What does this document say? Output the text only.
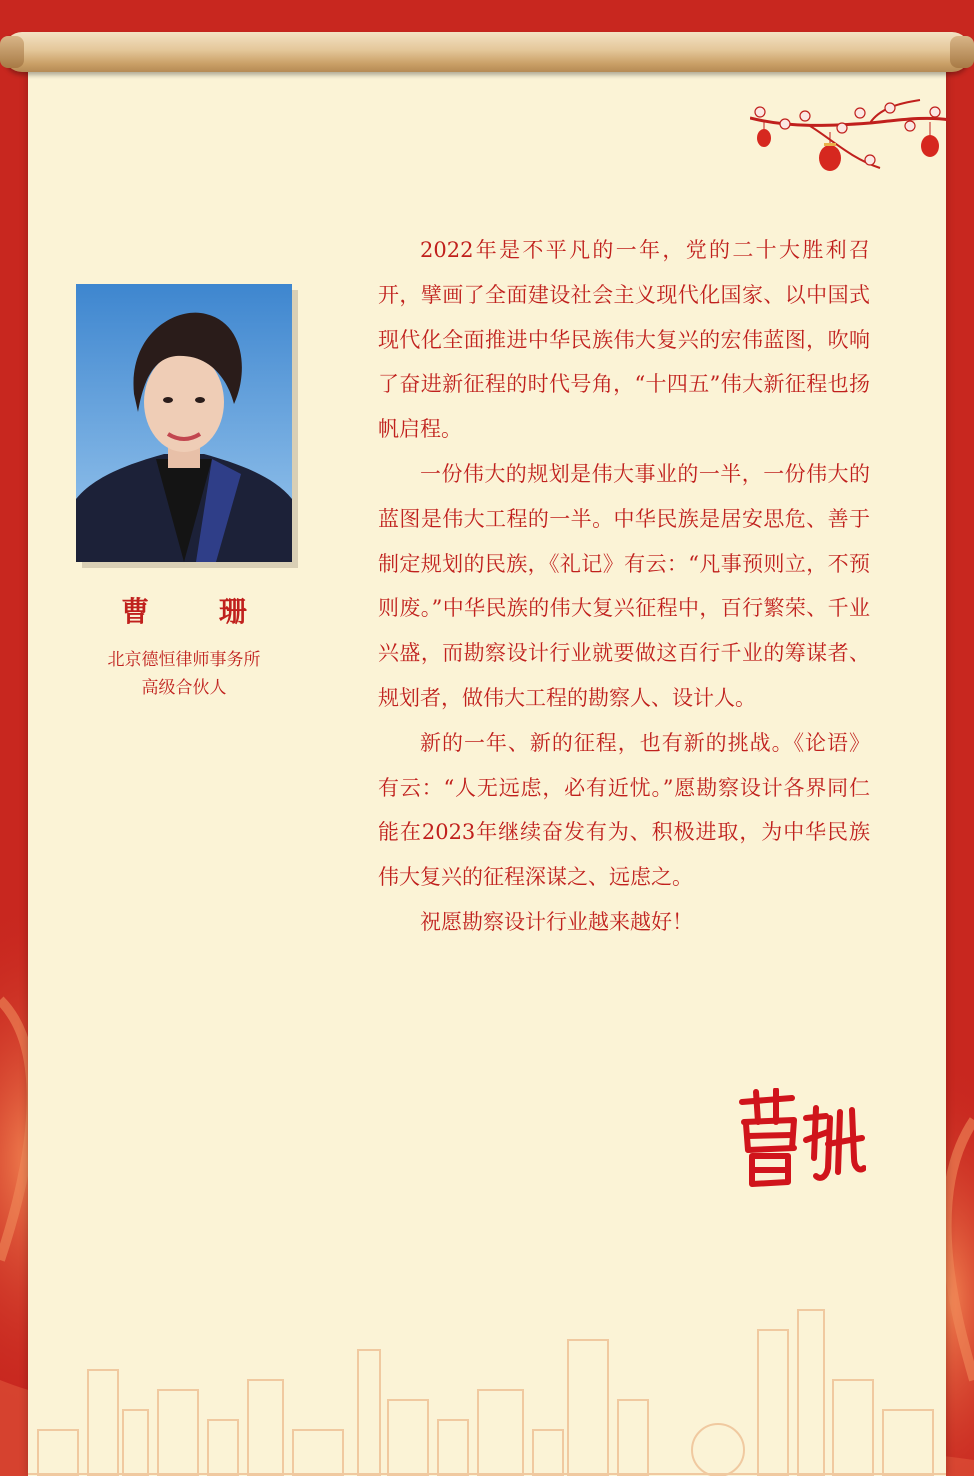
曹 珊

北京德恒律师事务所
高级合伙人

2022年是不平凡的一年，党的二十大胜利召开，擘画了全面建设社会主义现代化国家、以中国式现代化全面推进中华民族伟大复兴的宏伟蓝图，吹响了奋进新征程的时代号角，“十四五”伟大新征程也扬帆启程。

一份伟大的规划是伟大事业的一半，一份伟大的蓝图是伟大工程的一半。中华民族是居安思危、善于制定规划的民族，《礼记》有云：“凡事预则立，不预则废。”中华民族的伟大复兴征程中，百行繁荣、千业兴盛，而勘察设计行业就要做这百行千业的筹谋者、规划者，做伟大工程的勘察人、设计人。

新的一年、新的征程，也有新的挑战。《论语》有云：“人无远虑，必有近忧。”愿勘察设计各界同仁能在2023年继续奋发有为、积极进取，为中华民族伟大复兴的征程深谋之、远虑之。

祝愿勘察设计行业越来越好！
